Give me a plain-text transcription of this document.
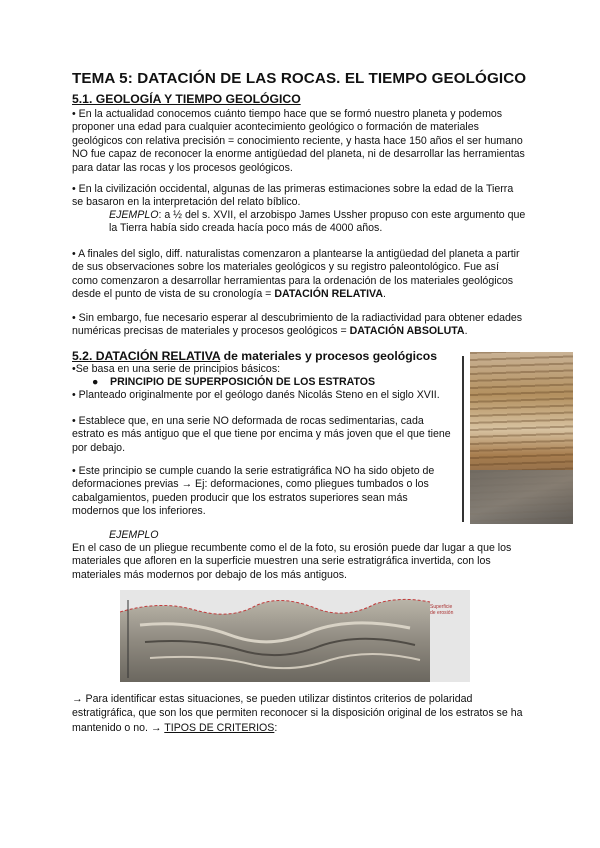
TEMA 5: DATACIÓN DE LAS ROCAS. EL TIEMPO GEOLÓGICO
5.1. GEOLOGÍA Y TIEMPO GEOLÓGICO

• En la actualidad conocemos cuánto tiempo hace que se formó nuestro planeta y podemos proponer una edad para cualquier acontecimiento geológico o formación de materiales geológicos con relativa precisión = conocimiento reciente, y hasta hace 150 años el ser humano NO fue capaz de reconocer la enorme antigüedad del planeta, ni de desarrollar las herramientas para datar las rocas y los procesos geológicos.

• En la civilización occidental, algunas de las primeras estimaciones sobre la edad de la Tierra se basaron en la interpretación del relato bíblico.

EJEMPLO: a ½ del s. XVII, el arzobispo James Ussher propuso con este argumento que la Tierra había sido creada hacía poco más de 4000 años.

• A finales del siglo, diff. naturalistas comenzaron a plantearse la antigüedad del planeta a partir de sus observaciones sobre los materiales geológicos y su registro paleontológico. Fue así como comenzaron a desarrollar herramientas para la ordenación de los materiales geológicos desde el punto de vista de su cronología = DATACIÓN RELATIVA.

• Sin embargo, fue necesario esperar al descubrimiento de la radiactividad para obtener edades numéricas precisas de materiales y procesos geológicos = DATACIÓN ABSOLUTA.

5.2. DATACIÓN RELATIVA de materiales y procesos geológicos

•Se basa en una serie de principios básicos:

● PRINCIPIO DE SUPERPOSICIÓN DE LOS ESTRATOS

• Planteado originalmente por el geólogo danés Nicolás Steno en el siglo XVII.

• Establece que, en una serie NO deformada de rocas sedimentarias, cada estrato es más antiguo que el que tiene por encima y más joven que el que tiene por debajo.

• Este principio se cumple cuando la serie estratigráfica NO ha sido objeto de deformaciones previas → Ej: deformaciones, como pliegues tumbados o los cabalgamientos, pueden producir que los estratos superiores sean más modernos que los inferiores.

EJEMPLO

En el caso de un pliegue recumbente como el de la foto, su erosión puede dar lugar a que los materiales que afloren en la superficie muestren una serie estratigráfica invertida, con los materiales más modernos por debajo de los más antiguos.

Superficie
de erosión

→ Para identificar estas situaciones, se pueden utilizar distintos criterios de polaridad estratigráfica, que son los que permiten reconocer si la disposición original de los estratos se ha mantenido o no. → TIPOS DE CRITERIOS:
